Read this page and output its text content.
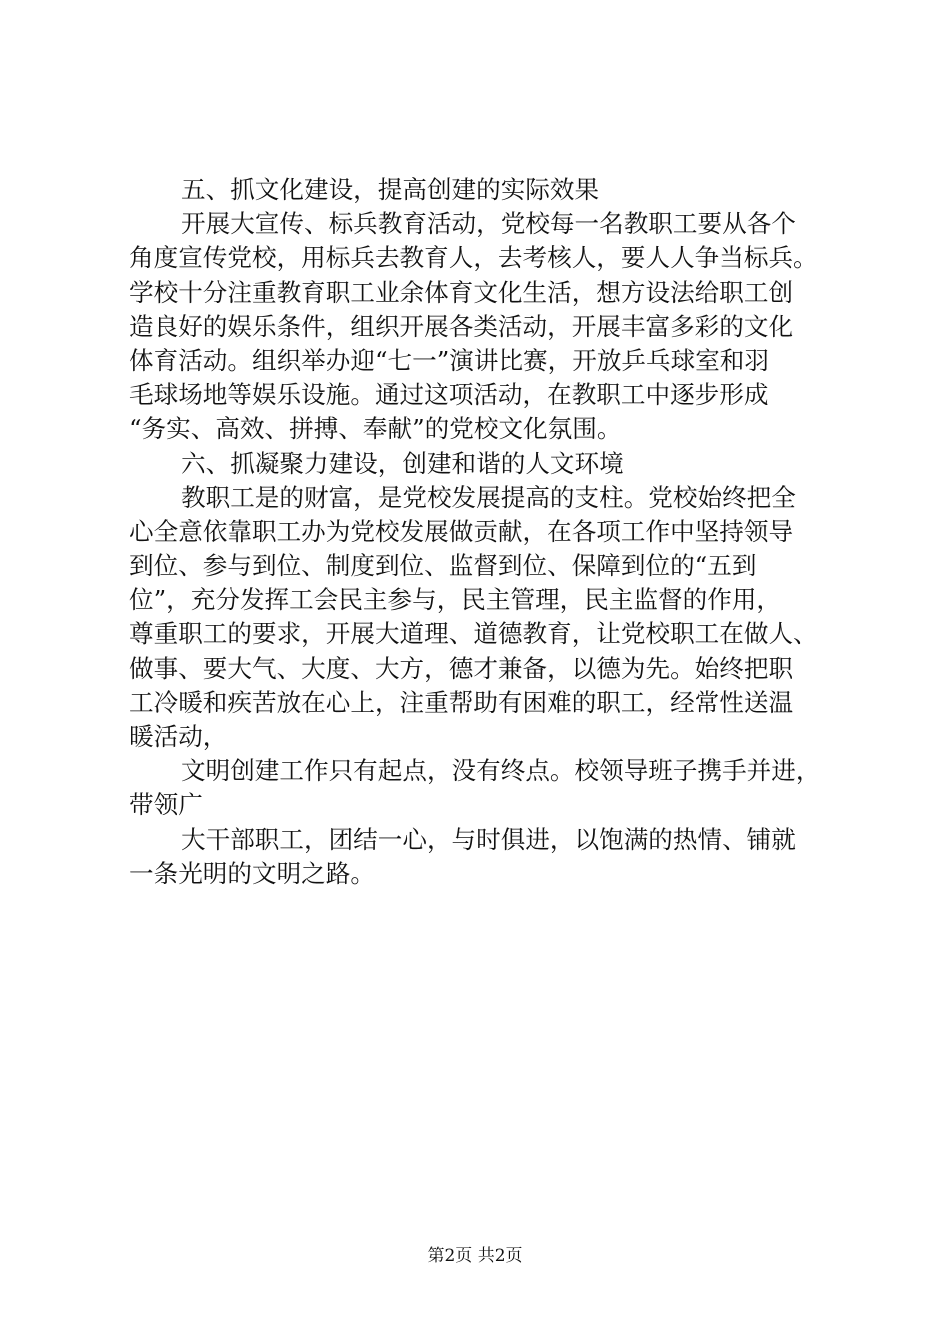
五、抓文化建设，提高创建的实际效果
开展大宣传、标兵教育活动，党校每一名教职工要从各个
角度宣传党校，用标兵去教育人，去考核人，要人人争当标兵。
学校十分注重教育职工业余体育文化生活，想方设法给职工创
造良好的娱乐条件，组织开展各类活动，开展丰富多彩的文化
体育活动。组织举办迎“七一”演讲比赛，开放乒乓球室和羽
毛球场地等娱乐设施。通过这项活动，在教职工中逐步形成
“务实、高效、拼搏、奉献”的党校文化氛围。
六、抓凝聚力建设，创建和谐的人文环境
教职工是的财富，是党校发展提高的支柱。党校始终把全
心全意依靠职工办为党校发展做贡献，在各项工作中坚持领导
到位、参与到位、制度到位、监督到位、保障到位的“五到
位”，充分发挥工会民主参与，民主管理，民主监督的作用，
尊重职工的要求，开展大道理、道德教育，让党校职工在做人、
做事、要大气、大度、大方，德才兼备，以德为先。始终把职
工冷暖和疾苦放在心上，注重帮助有困难的职工，经常性送温
暖活动，
文明创建工作只有起点，没有终点。校领导班子携手并进，
带领广
大干部职工，团结一心，与时俱进，以饱满的热情、铺就
一条光明的文明之路。
第2页 共2页
